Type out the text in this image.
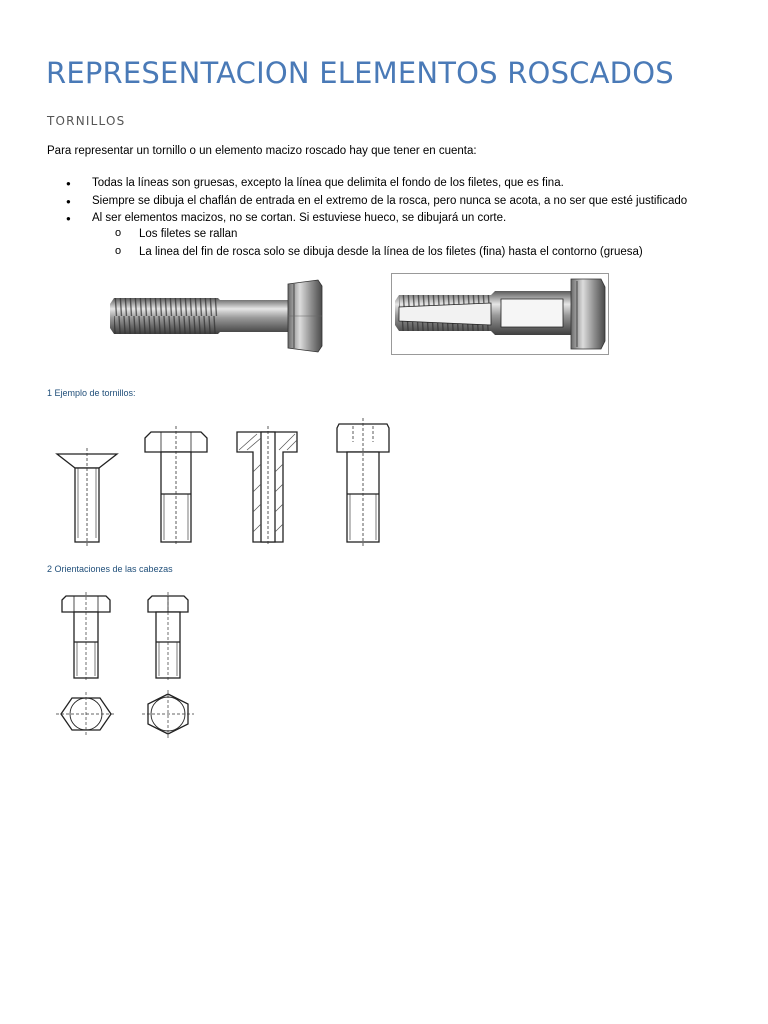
REPRESENTACION ELEMENTOS ROSCADOS
TORNILLOS
Para representar un tornillo o un elemento macizo roscado hay que tener en cuenta:
● Todas la líneas son gruesas, excepto la línea que delimita el fondo de los filetes, que es fina.
● Siempre se dibuja el chaflán de entrada en el extremo de la rosca, pero nunca se acota, a no ser que esté justificado
● Al ser elementos macizos, no se cortan. Si estuviese hueco, se dibujará un corte.
o Los filetes se rallan
o La linea del fin de rosca solo se dibuja desde la línea de los filetes (fina) hasta el contorno (gruesa)
1 Ejemplo de tornillos:
2 Orientaciones de las cabezas
